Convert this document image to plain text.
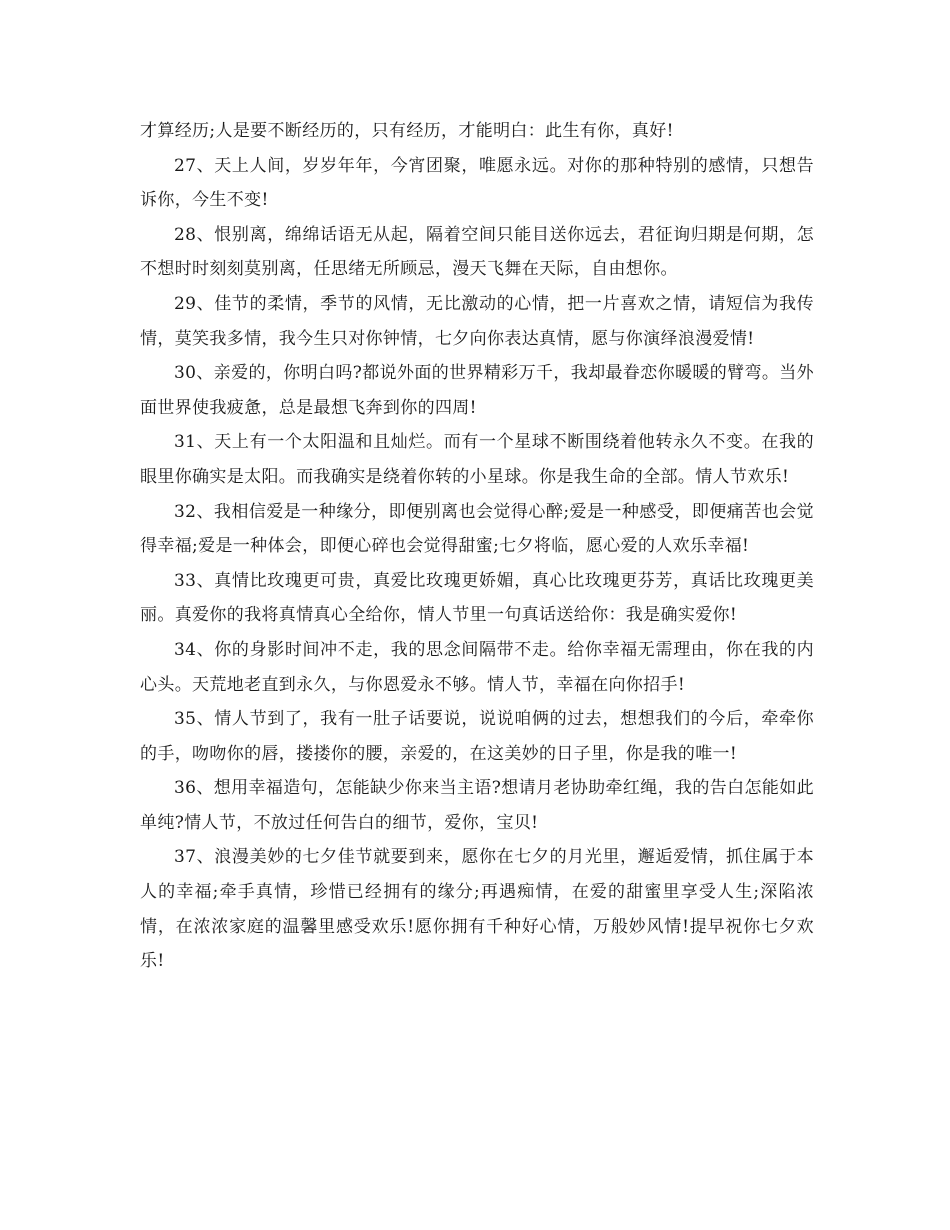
才算经历;人是要不断经历的，只有经历，才能明白：此生有你，真好!

27、天上人间，岁岁年年，今宵团聚，唯愿永远。对你的那种特别的感情，只想告诉你，今生不变!

28、恨别离，绵绵话语无从起，隔着空间只能目送你远去，君征询归期是何期，怎不想时时刻刻莫别离，任思绪无所顾忌，漫天飞舞在天际，自由想你。

29、佳节的柔情，季节的风情，无比激动的心情，把一片喜欢之情，请短信为我传情，莫笑我多情，我今生只对你钟情，七夕向你表达真情，愿与你演绎浪漫爱情!

30、亲爱的，你明白吗?都说外面的世界精彩万千，我却最眷恋你暖暖的臂弯。当外面世界使我疲惫，总是最想飞奔到你的四周!

31、天上有一个太阳温和且灿烂。而有一个星球不断围绕着他转永久不变。在我的眼里你确实是太阳。而我确实是绕着你转的小星球。你是我生命的全部。情人节欢乐!

32、我相信爱是一种缘分，即便别离也会觉得心醉;爱是一种感受，即便痛苦也会觉得幸福;爱是一种体会，即便心碎也会觉得甜蜜;七夕将临，愿心爱的人欢乐幸福!

33、真情比玫瑰更可贵，真爱比玫瑰更娇媚，真心比玫瑰更芬芳，真话比玫瑰更美丽。真爱你的我将真情真心全给你，情人节里一句真话送给你：我是确实爱你!

34、你的身影时间冲不走，我的思念间隔带不走。给你幸福无需理由，你在我的内心头。天荒地老直到永久，与你恩爱永不够。情人节，幸福在向你招手!

35、情人节到了，我有一肚子话要说，说说咱俩的过去，想想我们的今后，牵牵你的手，吻吻你的唇，搂搂你的腰，亲爱的，在这美妙的日子里，你是我的唯一!

36、想用幸福造句，怎能缺少你来当主语?想请月老协助牵红绳，我的告白怎能如此单纯?情人节，不放过任何告白的细节，爱你，宝贝!

37、浪漫美妙的七夕佳节就要到来，愿你在七夕的月光里，邂逅爱情，抓住属于本人的幸福;牵手真情，珍惜已经拥有的缘分;再遇痴情，在爱的甜蜜里享受人生;深陷浓情，在浓浓家庭的温馨里感受欢乐!愿你拥有千种好心情，万般妙风情!提早祝你七夕欢乐!
